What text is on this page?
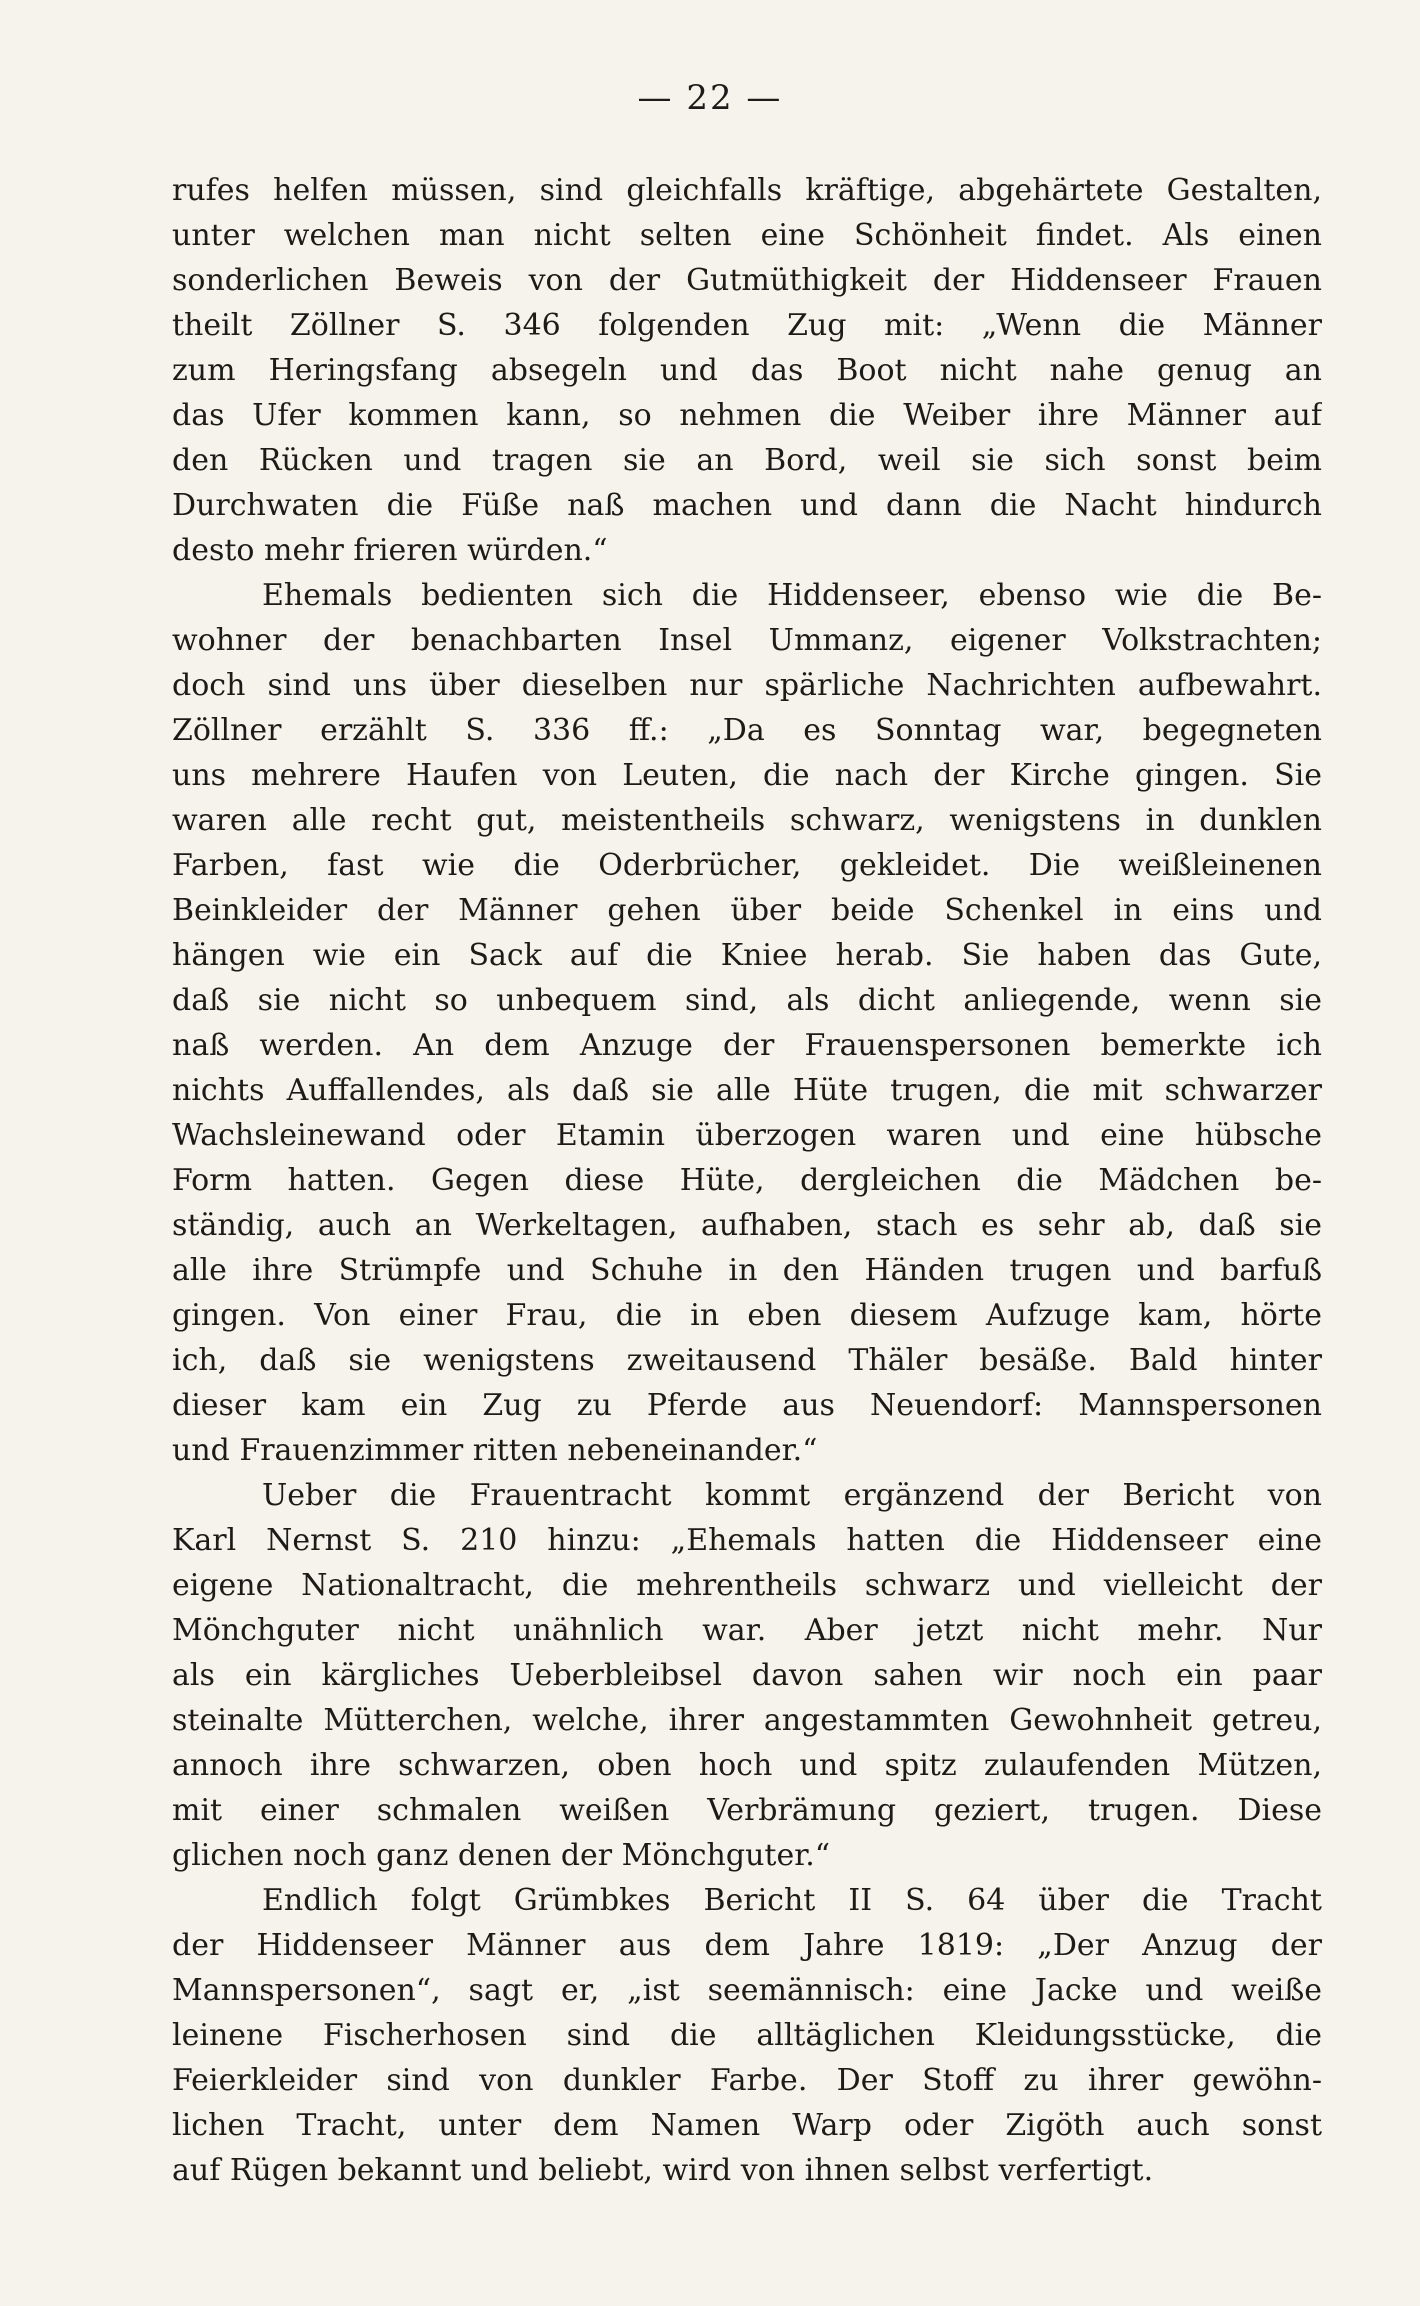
— 22 —
rufes helfen müssen, sind gleichfalls kräftige, abgehärtete Gestalten,
unter welchen man nicht selten eine Schönheit findet. Als einen
sonderlichen Beweis von der Gutmüthigkeit der Hiddenseer Frauen
theilt Zöllner S. 346 folgenden Zug mit: „Wenn die Männer
zum Heringsfang absegeln und das Boot nicht nahe genug an
das Ufer kommen kann, so nehmen die Weiber ihre Männer auf
den Rücken und tragen sie an Bord, weil sie sich sonst beim
Durchwaten die Füße naß machen und dann die Nacht hindurch
desto mehr frieren würden.“
Ehemals bedienten sich die Hiddenseer, ebenso wie die Be-
wohner der benachbarten Insel Ummanz, eigener Volkstrachten;
doch sind uns über dieselben nur spärliche Nachrichten aufbewahrt.
Zöllner erzählt S. 336 ff.: „Da es Sonntag war, begegneten
uns mehrere Haufen von Leuten, die nach der Kirche gingen. Sie
waren alle recht gut, meistentheils schwarz, wenigstens in dunklen
Farben, fast wie die Oderbrücher, gekleidet. Die weißleinenen
Beinkleider der Männer gehen über beide Schenkel in eins und
hängen wie ein Sack auf die Kniee herab. Sie haben das Gute,
daß sie nicht so unbequem sind, als dicht anliegende, wenn sie
naß werden. An dem Anzuge der Frauenspersonen bemerkte ich
nichts Auffallendes, als daß sie alle Hüte trugen, die mit schwarzer
Wachsleinewand oder Etamin überzogen waren und eine hübsche
Form hatten. Gegen diese Hüte, dergleichen die Mädchen be-
ständig, auch an Werkeltagen, aufhaben, stach es sehr ab, daß sie
alle ihre Strümpfe und Schuhe in den Händen trugen und barfuß
gingen. Von einer Frau, die in eben diesem Aufzuge kam, hörte
ich, daß sie wenigstens zweitausend Thäler besäße. Bald hinter
dieser kam ein Zug zu Pferde aus Neuendorf: Mannspersonen
und Frauenzimmer ritten nebeneinander.“
Ueber die Frauentracht kommt ergänzend der Bericht von
Karl Nernst S. 210 hinzu: „Ehemals hatten die Hiddenseer eine
eigene Nationaltracht, die mehrentheils schwarz und vielleicht der
Mönchguter nicht unähnlich war. Aber jetzt nicht mehr. Nur
als ein kärgliches Ueberbleibsel davon sahen wir noch ein paar
steinalte Mütterchen, welche, ihrer angestammten Gewohnheit getreu,
annoch ihre schwarzen, oben hoch und spitz zulaufenden Mützen,
mit einer schmalen weißen Verbrämung geziert, trugen. Diese
glichen noch ganz denen der Mönchguter.“
Endlich folgt Grümbkes Bericht II S. 64 über die Tracht
der Hiddenseer Männer aus dem Jahre 1819: „Der Anzug der
Mannspersonen“, sagt er, „ist seemännisch: eine Jacke und weiße
leinene Fischerhosen sind die alltäglichen Kleidungsstücke, die
Feierkleider sind von dunkler Farbe. Der Stoff zu ihrer gewöhn-
lichen Tracht, unter dem Namen Warp oder Zigöth auch sonst
auf Rügen bekannt und beliebt, wird von ihnen selbst verfertigt.
